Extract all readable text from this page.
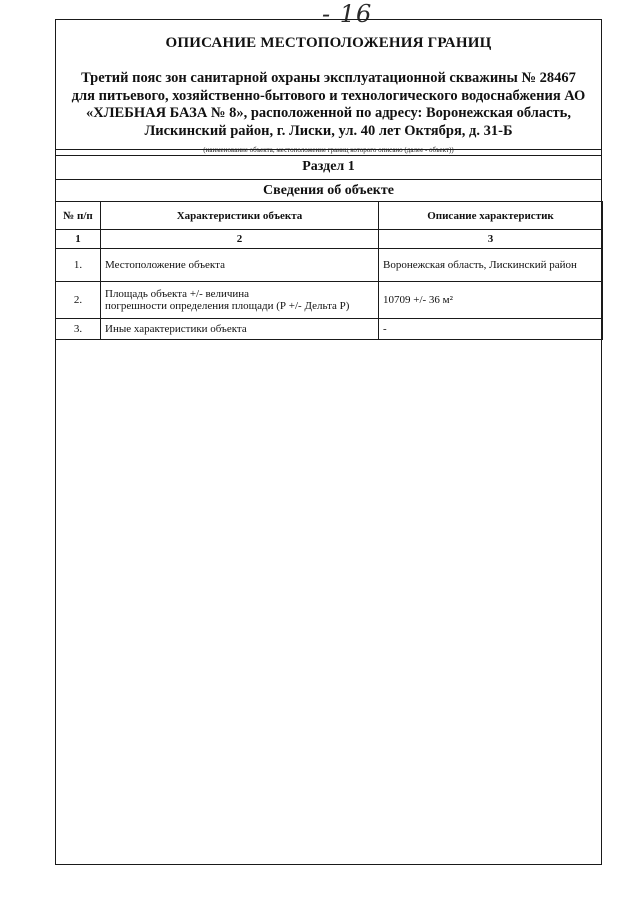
- 16
ОПИСАНИЕ МЕСТОПОЛОЖЕНИЯ ГРАНИЦ
Третий пояс зон санитарной охраны эксплуатационной скважины № 28467
для питьевого, хозяйственно-бытового и технологического водоснабжения АО
«ХЛЕБНАЯ БАЗА № 8», расположенной по адресу: Воронежская область,
Лискинский район, г. Лиски, ул. 40 лет Октября, д. 31-Б
(наименование объекта, местоположение границ которого описано (далее - объект))
Раздел 1
Сведения об объекте
№ п/п	Характеристики объекта	Описание характеристик
1	2	3
1.	Местоположение объекта	Воронежская область, Лискинский район
2.	Площадь объекта +/- величина
погрешности определения площади (Р +/- Дельта Р)	10709 +/- 36 м²
3.	Иные характеристики объекта	-
